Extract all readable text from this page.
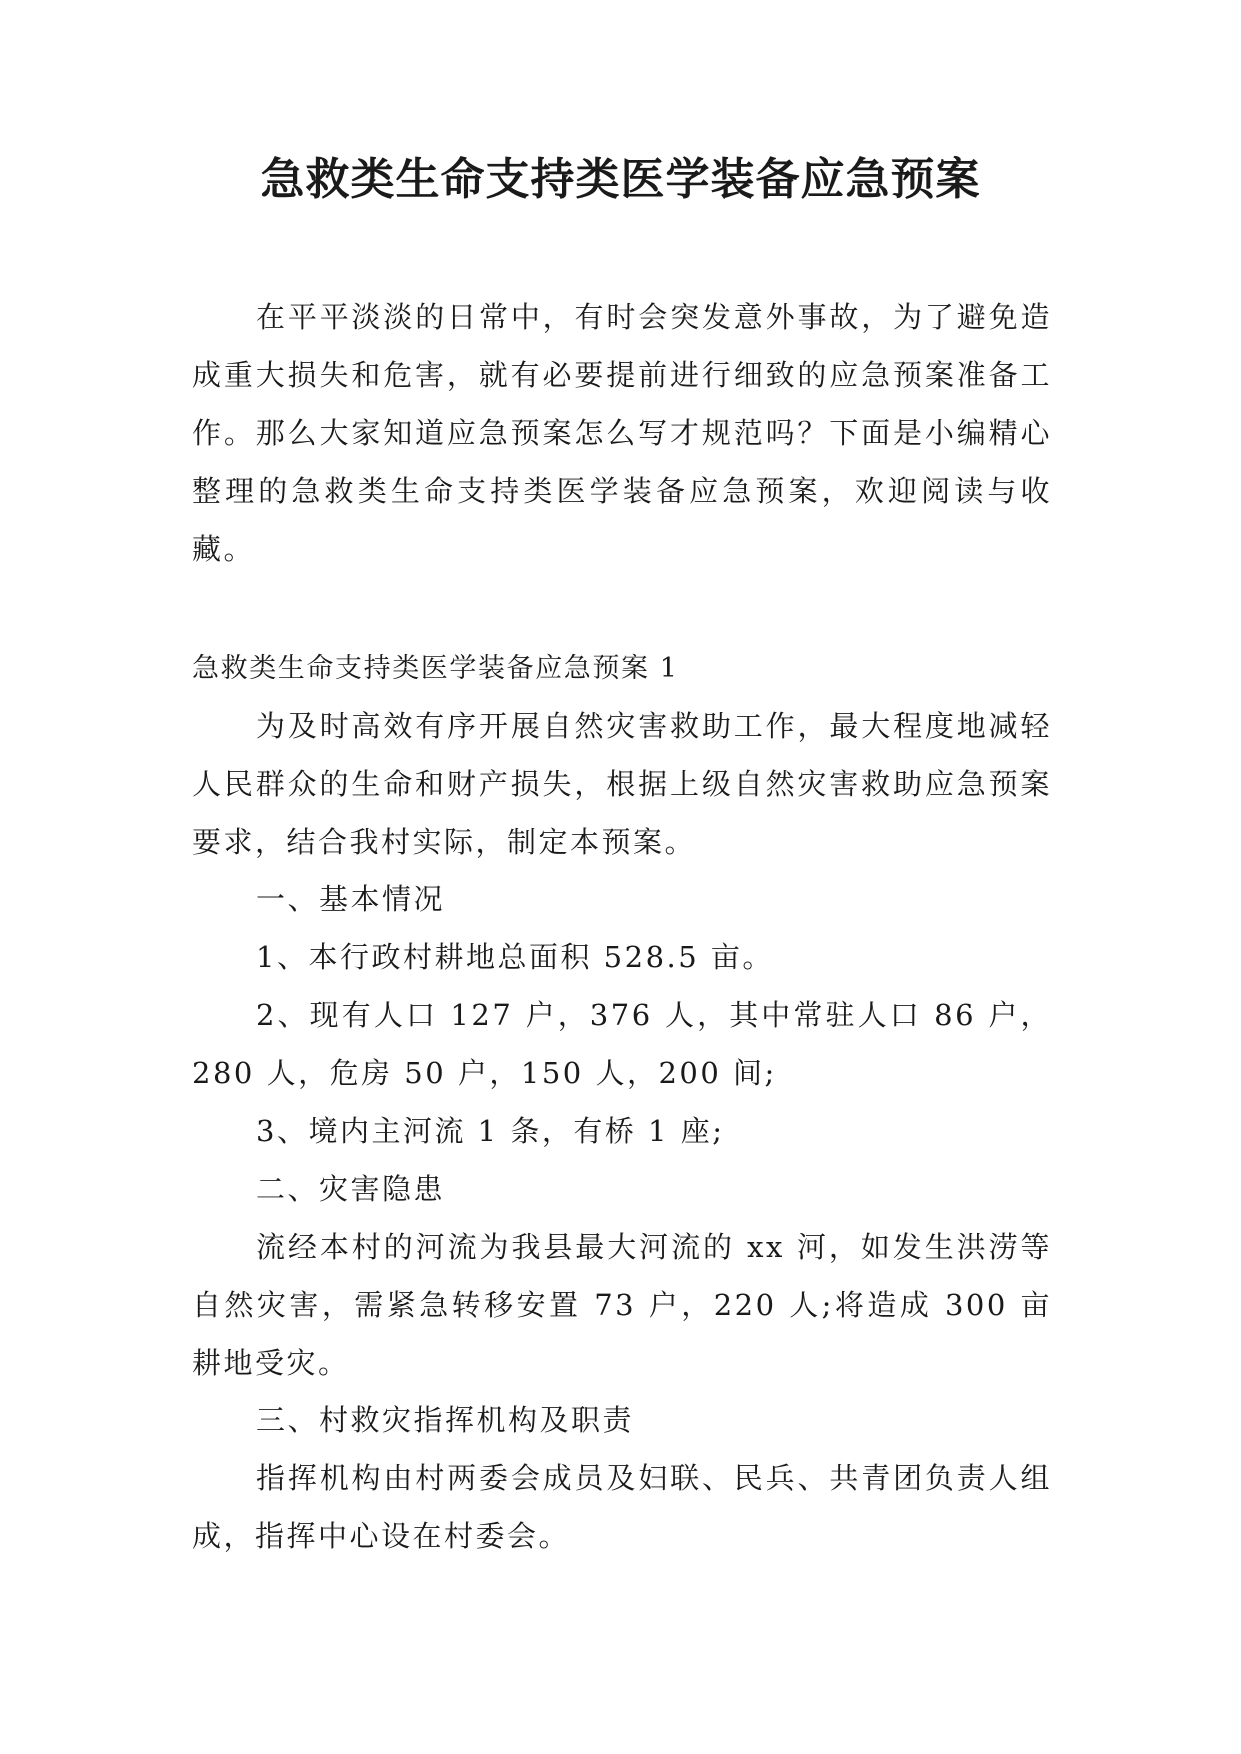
急救类生命支持类医学装备应急预案

在平平淡淡的日常中，有时会突发意外事故，为了避免造成重大损失和危害，就有必要提前进行细致的应急预案准备工作。那么大家知道应急预案怎么写才规范吗？下面是小编精心整理的急救类生命支持类医学装备应急预案，欢迎阅读与收藏。

急救类生命支持类医学装备应急预案 1

为及时高效有序开展自然灾害救助工作，最大程度地减轻人民群众的生命和财产损失，根据上级自然灾害救助应急预案要求，结合我村实际，制定本预案。

一、基本情况

1、本行政村耕地总面积 528.5 亩。

2、现有人口 127 户，376 人，其中常驻人口 86 户，280 人，危房 50 户，150 人，200 间;

3、境内主河流 1 条，有桥 1 座;

二、灾害隐患

流经本村的河流为我县最大河流的 xx 河，如发生洪涝等自然灾害，需紧急转移安置 73 户，220 人;将造成 300 亩耕地受灾。

三、村救灾指挥机构及职责

指挥机构由村两委会成员及妇联、民兵、共青团负责人组成，指挥中心设在村委会。
